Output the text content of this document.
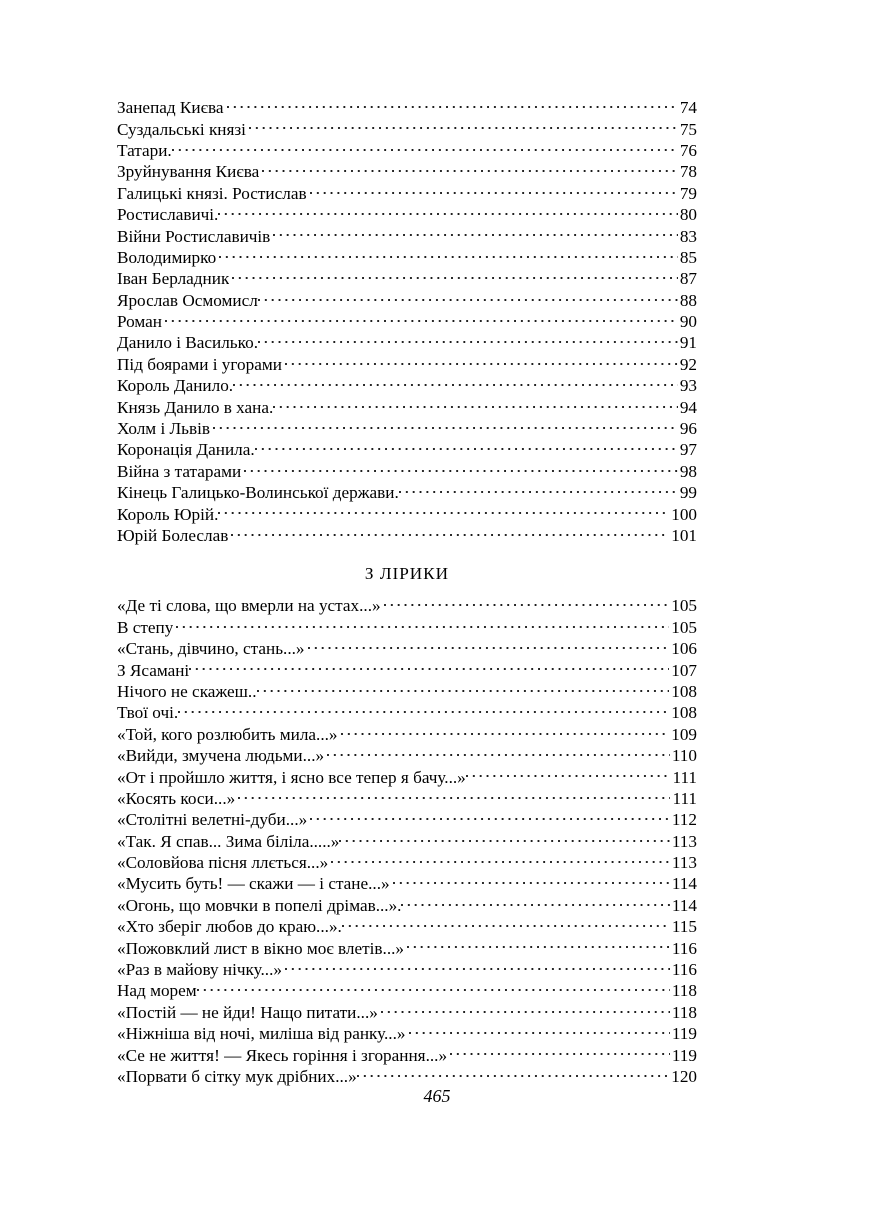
Занепад Києва	74
Суздальські князі	75
Татари.	76
Зруйнування Києва	78
Галицькі князі. Ростислав	79
Ростиславичі.	80
Війни Ростиславичів	83
Володимирко	85
Іван Берладник	87
Ярослав Осмомисл	88
Роман	90
Данило і Василько.	91
Під боярами і угорами	92
Король Данило.	93
Князь Данило в хана.	94
Холм і Львів	96
Коронація Данила.	97
Війна з татарами	98
Кінець Галицько-Волинської держави.	99
Король Юрій.	100
Юрій Болеслав	101
З ЛІРИКИ
«Де ті слова, що вмерли на устах...»	105
В степу	105
«Стань, дівчино, стань...»	106
З Ясамані	107
Нічого не скажеш..	108
Твої очі.	108
«Той, кого розлюбить мила...»	109
«Вийди, змучена людьми...»	110
«От і пройшло життя, і ясно все тепер я бачу...»	111
«Косять коси...»	111
«Столітні велетні-дуби...»	112
«Так. Я спав... Зима біліла.....»	113
«Соловйова пісня ллється...»	113
«Мусить буть! — скажи — і стане...»	114
«Огонь, що мовчки в попелі дрімав...».	114
«Хто зберіг любов до краю...».	115
«Пожовклий лист в вікно моє влетів...»	116
«Раз в майову нічку...»	116
Над морем	118
«Постій — не йди! Нащо питати...»	118
«Ніжніша від ночі, миліша від ранку...»	119
«Се не життя! — Якесь горіння і згорання...»	119
«Порвати б сітку мук дрібних...»	120
465
